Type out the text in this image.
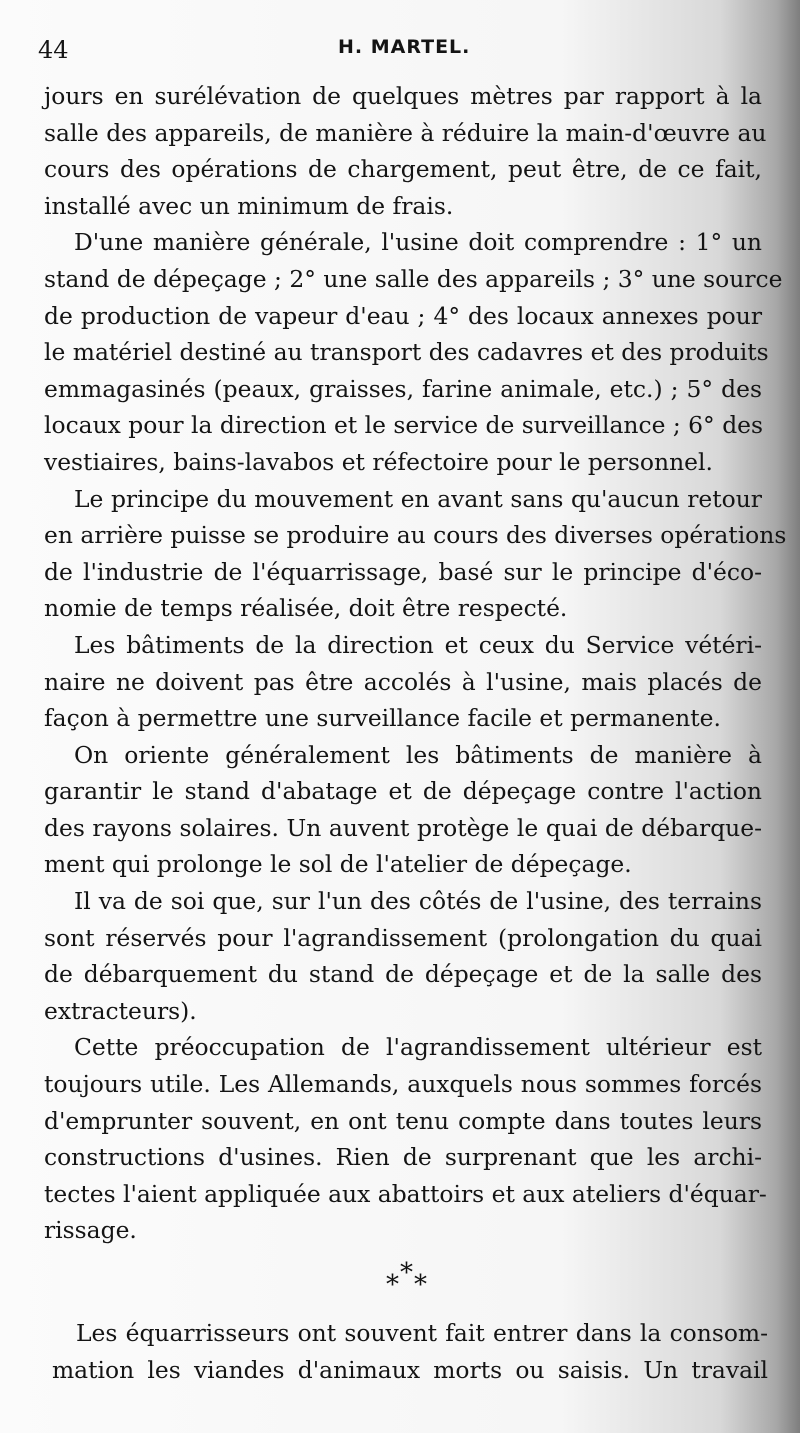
44	H. MARTEL.
jours en surélévation de quelques mètres par rapport à la
salle des appareils, de manière à réduire la main-d'œuvre au
cours des opérations de chargement, peut être, de ce fait,
installé avec un minimum de frais.
D'une manière générale, l'usine doit comprendre : 1° un
stand de dépeçage ; 2° une salle des appareils ; 3° une source
de production de vapeur d'eau ; 4° des locaux annexes pour
le matériel destiné au transport des cadavres et des produits
emmagasinés (peaux, graisses, farine animale, etc.) ; 5° des
locaux pour la direction et le service de surveillance ; 6° des
vestiaires, bains-lavabos et réfectoire pour le personnel.
Le principe du mouvement en avant sans qu'aucun retour
en arrière puisse se produire au cours des diverses opérations
de l'industrie de l'équarrissage, basé sur le principe d'éco-
nomie de temps réalisée, doit être respecté.
Les bâtiments de la direction et ceux du Service vétéri-
naire ne doivent pas être accolés à l'usine, mais placés de
façon à permettre une surveillance facile et permanente.
On oriente généralement les bâtiments de manière à
garantir le stand d'abatage et de dépeçage contre l'action
des rayons solaires. Un auvent protège le quai de débarque-
ment qui prolonge le sol de l'atelier de dépeçage.
Il va de soi que, sur l'un des côtés de l'usine, des terrains
sont réservés pour l'agrandissement (prolongation du quai
de débarquement du stand de dépeçage et de la salle des
extracteurs).
Cette préoccupation de l'agrandissement ultérieur est
toujours utile. Les Allemands, auxquels nous sommes forcés
d'emprunter souvent, en ont tenu compte dans toutes leurs
constructions d'usines. Rien de surprenant que les archi-
tectes l'aient appliquée aux abattoirs et aux ateliers d'équar-
rissage.
* * *
Les équarrisseurs ont souvent fait entrer dans la consom-
mation les viandes d'animaux morts ou saisis. Un travail
